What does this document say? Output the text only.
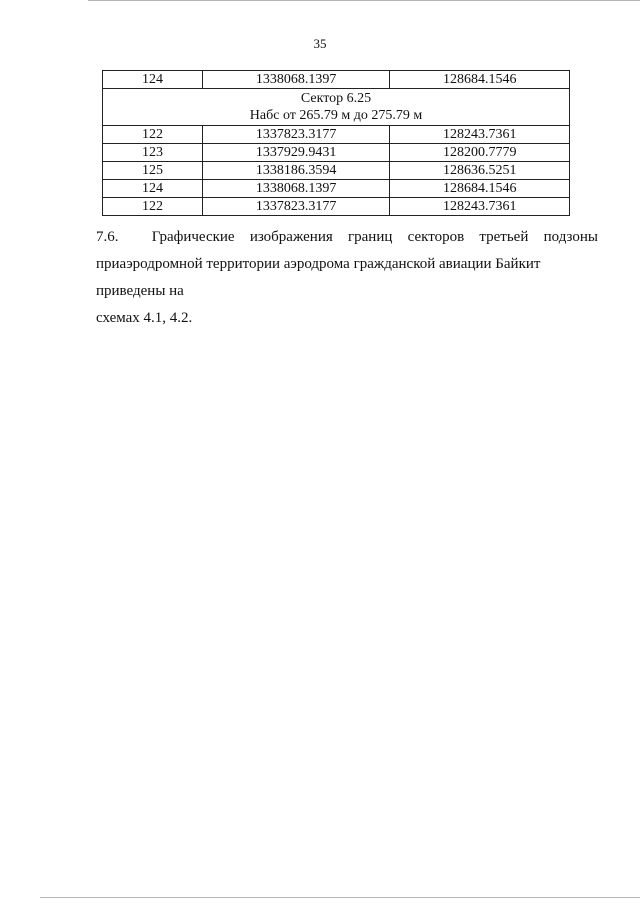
35
124	1338068.1397	128684.1546

Сектор 6.25
Набс от 265.79 м до 275.79 м		

122	1337823.3177	128243.7361
123	1337929.9431	128200.7779
125	1338186.3594	128636.5251
124	1338068.1397	128684.1546
122	1337823.3177	128243.7361
7.6. Графические изображения границ секторов третьей подзоны
приаэродромной территории аэродрома гражданской авиации Байкит приведены на
схемах 4.1, 4.2.
